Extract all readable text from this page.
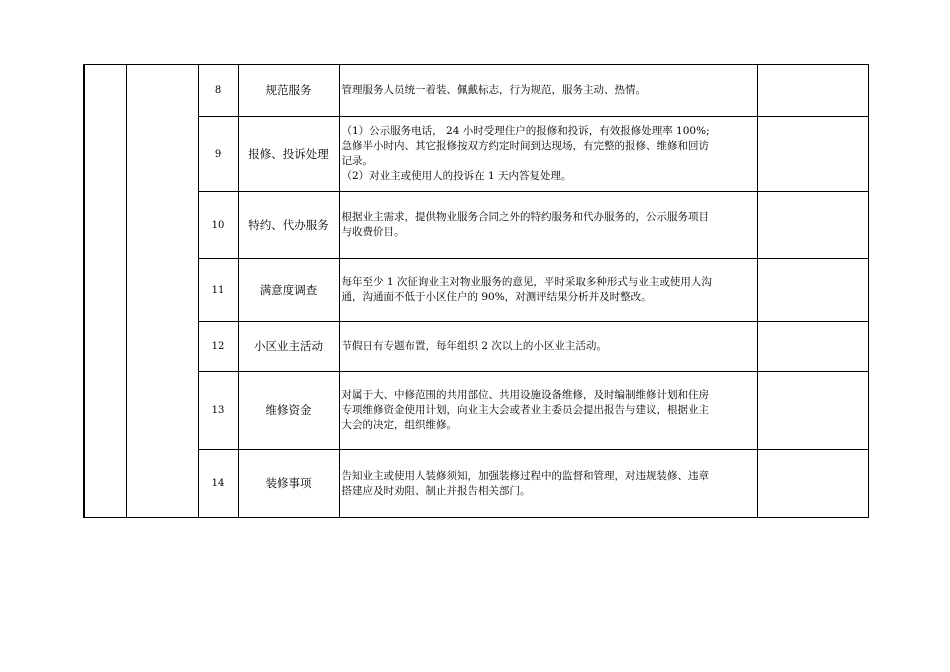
		8	规范服务	管理服务人员统一着装、佩戴标志，行为规范，服务主动、热情。	

		9	报修、投诉处理	（1）公示服务电话， 24 小时受理住户的报修和投诉，有效报修处理率 100%;
急修半小时内、其它报修按双方约定时间到达现场，有完整的报修、维修和回访
记录。
（2）对业主或使用人的投诉在 1 天内答复处理。	

		10	特约、代办服务	根据业主需求，提供物业服务合同之外的特约服务和代办服务的，公示服务项目
与收费价目。	

		11	满意度调查	每年至少 1 次征询业主对物业服务的意见，平时采取多种形式与业主或使用人沟
通，沟通面不低于小区住户的 90%，对测评结果分析并及时整改。	

		12	小区业主活动	节假日有专题布置，每年组织 2 次以上的小区业主活动。	

		13	维修资金	对属于大、中修范围的共用部位、共用设施设备维修，及时编制维修计划和住房
专项维修资金使用计划，向业主大会或者业主委员会提出报告与建议，根据业主
大会的决定，组织维修。	

		14	装修事项	告知业主或使用人装修须知，加强装修过程中的监督和管理，对违规装修、违章
搭建应及时劝阻、制止并报告相关部门。	
